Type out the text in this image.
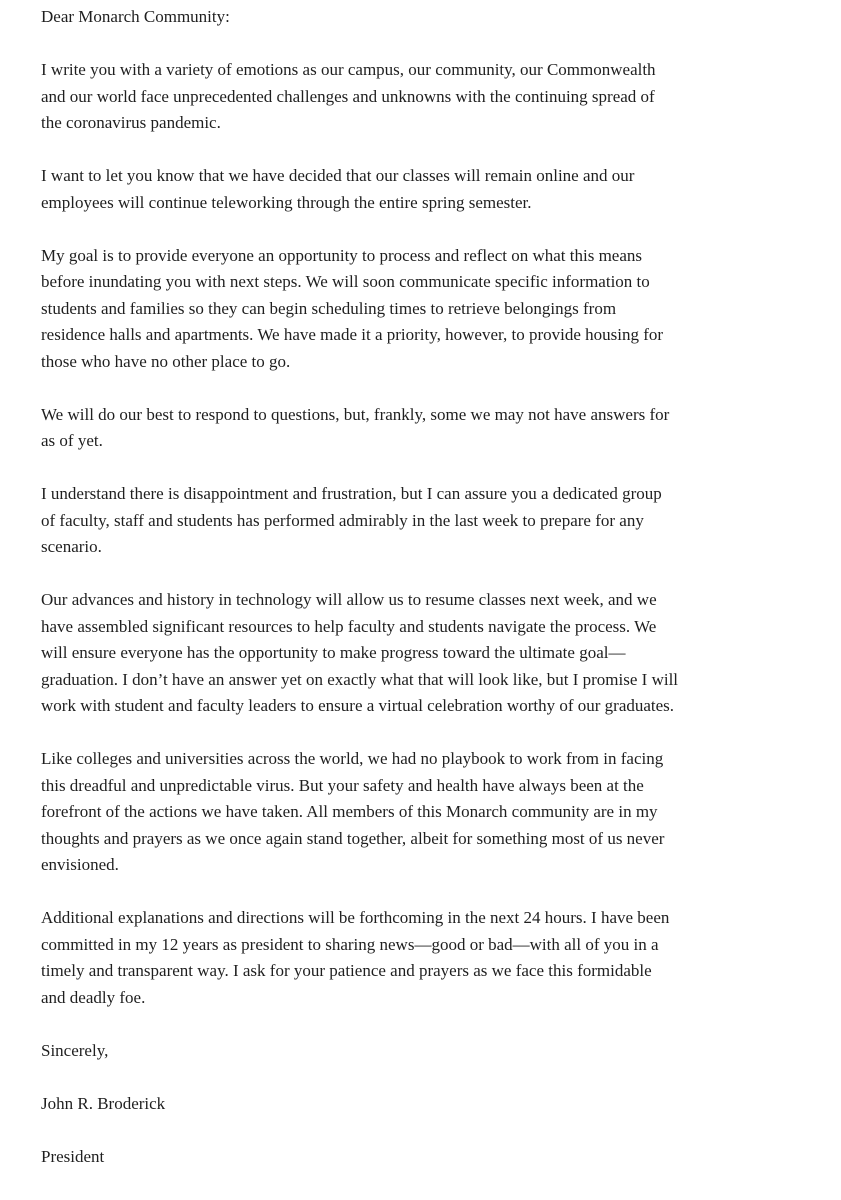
Dear Monarch Community:

I write you with a variety of emotions as our campus, our community, our Commonwealth
and our world face unprecedented challenges and unknowns with the continuing spread of
the coronavirus pandemic.

I want to let you know that we have decided that our classes will remain online and our
employees will continue teleworking through the entire spring semester.

My goal is to provide everyone an opportunity to process and reflect on what this means
before inundating you with next steps. We will soon communicate specific information to
students and families so they can begin scheduling times to retrieve belongings from
residence halls and apartments. We have made it a priority, however, to provide housing for
those who have no other place to go.

We will do our best to respond to questions, but, frankly, some we may not have answers for
as of yet.

I understand there is disappointment and frustration, but I can assure you a dedicated group
of faculty, staff and students has performed admirably in the last week to prepare for any
scenario.

Our advances and history in technology will allow us to resume classes next week, and we
have assembled significant resources to help faculty and students navigate the process. We
will ensure everyone has the opportunity to make progress toward the ultimate goal—
graduation. I don’t have an answer yet on exactly what that will look like, but I promise I will
work with student and faculty leaders to ensure a virtual celebration worthy of our graduates.

Like colleges and universities across the world, we had no playbook to work from in facing
this dreadful and unpredictable virus. But your safety and health have always been at the
forefront of the actions we have taken. All members of this Monarch community are in my
thoughts and prayers as we once again stand together, albeit for something most of us never
envisioned.

Additional explanations and directions will be forthcoming in the next 24 hours. I have been
committed in my 12 years as president to sharing news—good or bad—with all of you in a
timely and transparent way. I ask for your patience and prayers as we face this formidable
and deadly foe.

Sincerely,

John R. Broderick

President
